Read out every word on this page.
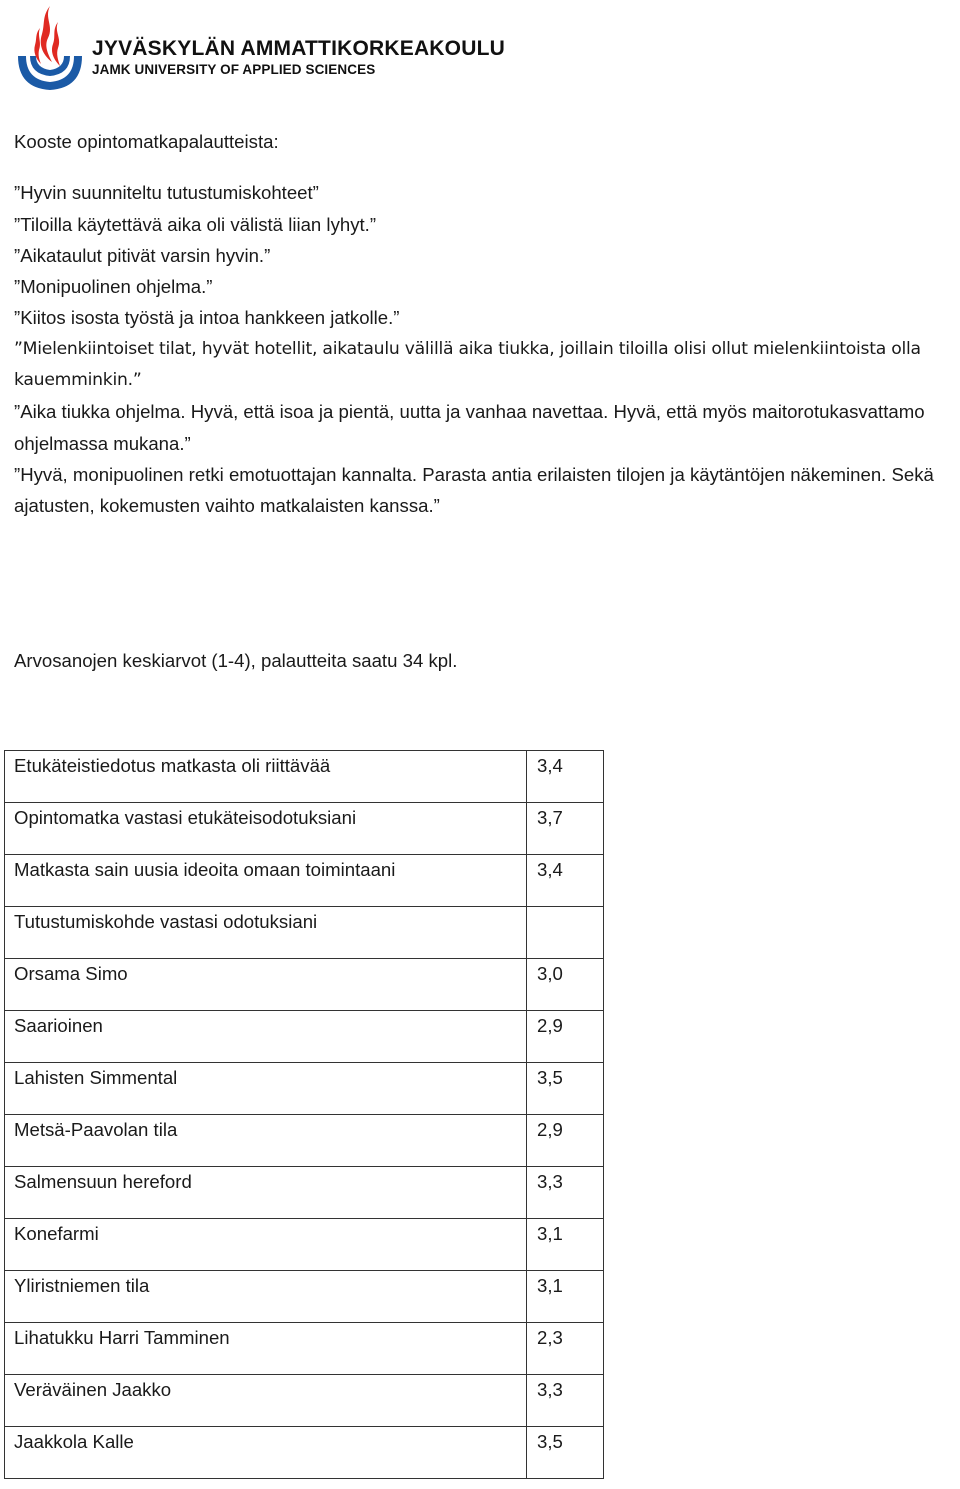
JYVÄSKYLÄN AMMATTIKORKEAKOULU
JAMK UNIVERSITY OF APPLIED SCIENCES

Kooste opintomatkapalautteista:

”Hyvin suunniteltu tutustumiskohteet”

”Tiloilla käytettävä aika oli välistä liian lyhyt.”

”Aikataulut pitivät varsin hyvin.”

”Monipuolinen ohjelma.”

”Kiitos isosta työstä ja intoa hankkeen jatkolle.”

”Mielenkiintoiset tilat, hyvät hotellit, aikataulu välillä aika tiukka, joillain tiloilla olisi ollut mielenkiintoista olla kauemminkin.”

”Aika tiukka ohjelma. Hyvä, että isoa ja pientä, uutta ja vanhaa navettaa. Hyvä, että myös maitorotukasvattamo ohjelmassa mukana.”

”Hyvä, monipuolinen retki emotuottajan kannalta. Parasta antia erilaisten tilojen ja käytäntöjen näkeminen. Sekä ajatusten, kokemusten vaihto matkalaisten kanssa.”

Arvosanojen keskiarvot (1-4), palautteita saatu 34 kpl.
Etukäteistiedotus matkasta oli riittävää	3,4
Opintomatka vastasi etukäteisodotuksiani	3,7
Matkasta sain uusia ideoita omaan toimintaani	3,4
Tutustumiskohde vastasi odotuksiani	
Orsama Simo	3,0
Saarioinen	2,9
Lahisten Simmental	3,5
Metsä-Paavolan tila	2,9
Salmensuun hereford	3,3
Konefarmi	3,1
Yliristniemen tila	3,1
Lihatukku Harri Tamminen	2,3
Veräväinen Jaakko	3,3
Jaakkola Kalle	3,5
